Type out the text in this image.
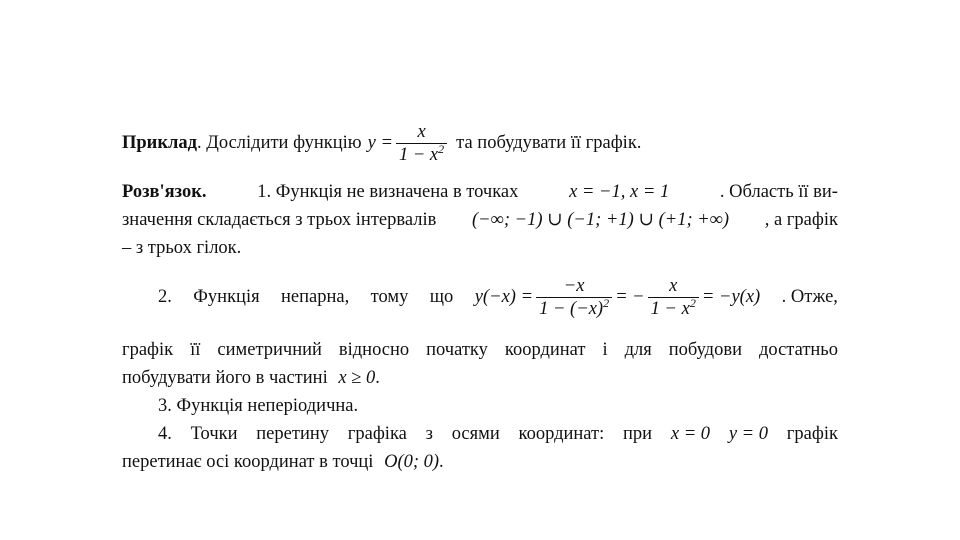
Приклад . Дослідити функцію $y = \frac{x}{1 - x^2}$ та побудувати її графік.
Розв'язок.	1. Функція не визначена в точках	x = −1, x = 1	. Область її ви-
значення складається з трьох інтервалів (−∞; −1) ∪ (−1; +1) ∪ (+1; +∞) , а графік
– з трьох гілок.
2. Функція непарна, тому що $y(-x) = \frac{-x}{1 - (-x)^2}$ = − $\frac{x}{1 - x^2} = -y(x)$ . Отже,
графік її симетричний відносно початку координат і для побудови достатньо
побудувати його в частині x ≥ 0.
3. Функція неперіодична.
4. Точки перетину графіка з осями координат: при x = 0 y = 0 графік
перетинає осі координат в точці O(0; 0).
